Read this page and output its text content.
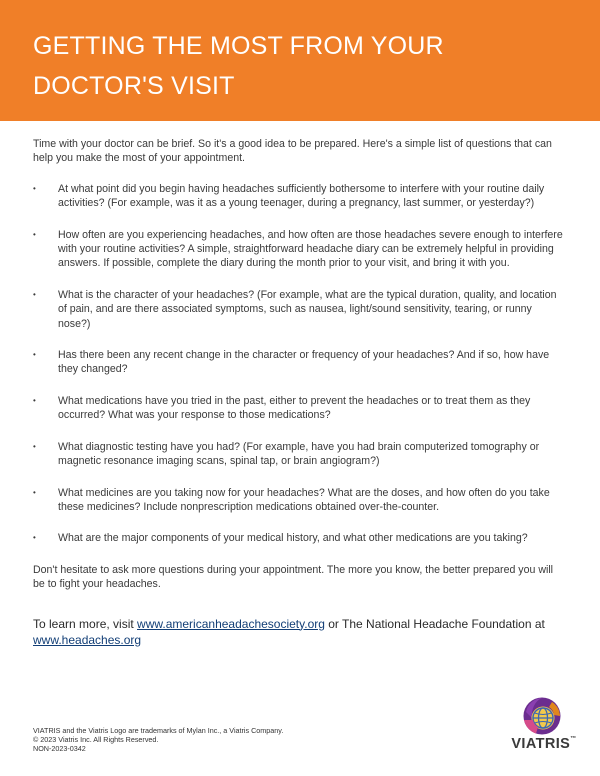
GETTING THE MOST FROM YOUR DOCTOR'S VISIT

Time with your doctor can be brief. So it's a good idea to be prepared. Here's a simple list of questions that can help you make the most of your appointment.

• At what point did you begin having headaches sufficiently bothersome to interfere with your routine daily activities? (For example, was it as a young teenager, during a pregnancy, last summer, or yesterday?)
• How often are you experiencing headaches, and how often are those headaches severe enough to interfere with your routine activities? A simple, straightforward headache diary can be extremely helpful in providing answers. If possible, complete the diary during the month prior to your visit, and bring it with you.
• What is the character of your headaches? (For example, what are the typical duration, quality, and location of pain, and are there associated symptoms, such as nausea, light/sound sensitivity, tearing, or runny nose?)
• Has there been any recent change in the character or frequency of your headaches? And if so, how have they changed?
• What medications have you tried in the past, either to prevent the headaches or to treat them as they occurred? What was your response to those medications?
• What diagnostic testing have you had? (For example, have you had brain computerized tomography or magnetic resonance imaging scans, spinal tap, or brain angiogram?)
• What medicines are you taking now for your headaches? What are the doses, and how often do you take these medicines? Include nonprescription medications obtained over-the-counter.
• What are the major components of your medical history, and what other medications are you taking?

Don't hesitate to ask more questions during your appointment. The more you know, the better prepared you will be to fight your headaches.

To learn more, visit www.americanheadachesociety.org or The National Headache Foundation at
www.headaches.org
VIATRIS and the Viatris Logo are trademarks of Mylan Inc., a Viatris Company.
© 2023 Viatris Inc. All Rights Reserved.
NON-2023-0342	VIATRIS™
